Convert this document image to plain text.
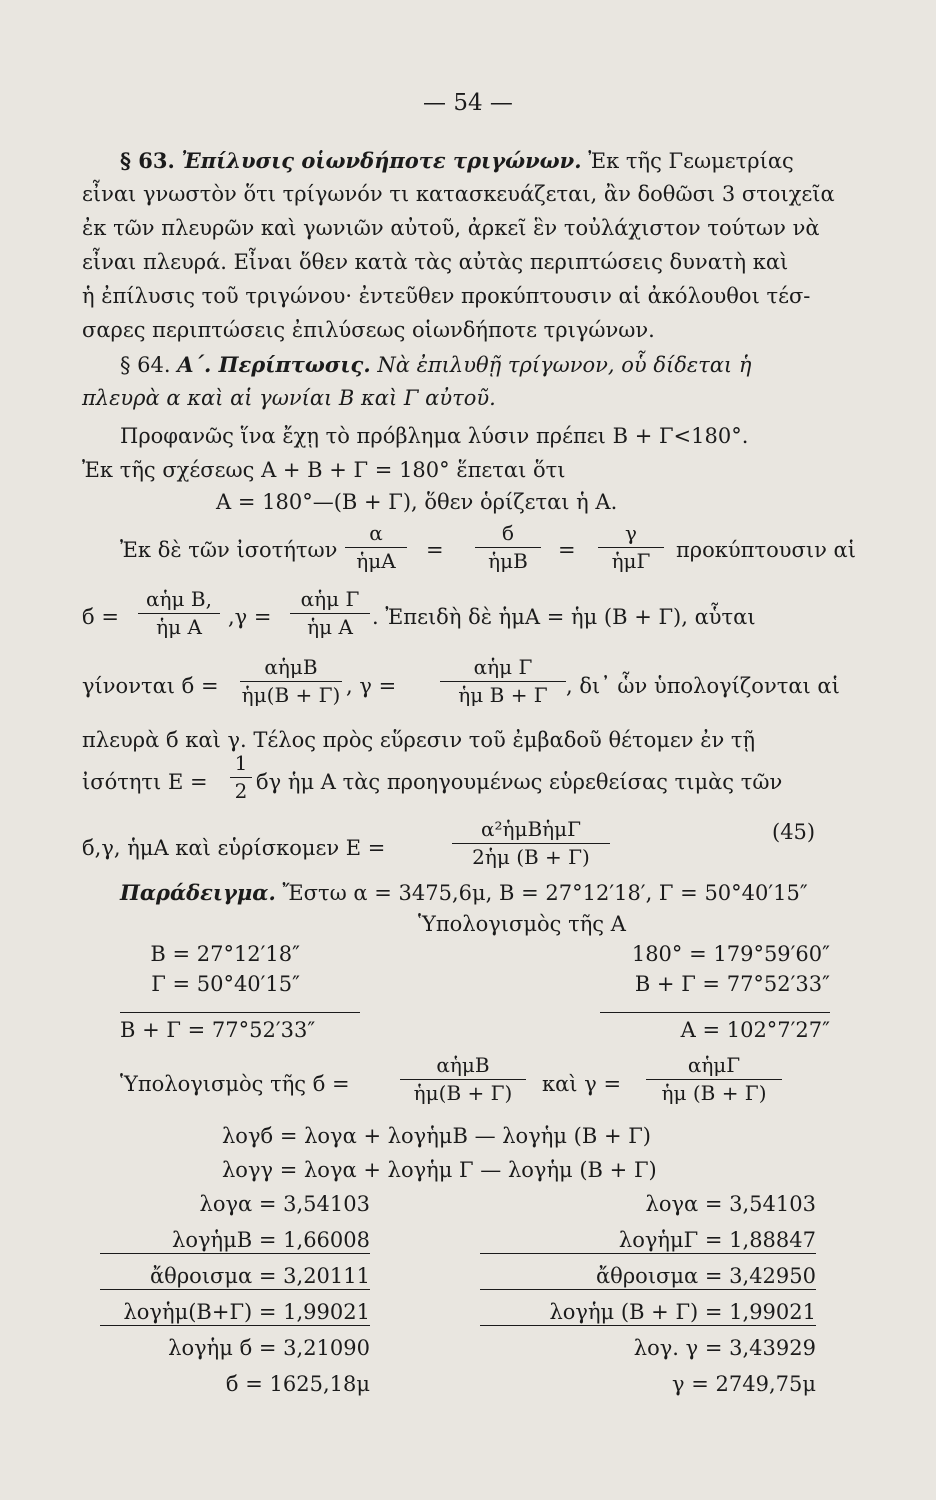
— 54 —
§ 63. Ἐπίλυσις οἱωνδήποτε τριγώνων. Ἐκ τῆς Γεωμετρίας
εἶναι γνωστὸν ὅτι τρίγωνόν τι κατασκευάζεται, ἂν δοθῶσι 3 στοιχεῖα
ἐκ τῶν πλευρῶν καὶ γωνιῶν αὐτοῦ, ἀρκεῖ ἓν τοὐλάχιστον τούτων νὰ
εἶναι πλευρά. Εἶναι ὅθεν κατὰ τὰς αὐτὰς περιπτώσεις δυνατὴ καὶ
ἡ ἐπίλυσις τοῦ τριγώνου· ἐντεῦθεν προκύπτουσιν αἱ ἀκόλουθοι τέσ-
σαρες περιπτώσεις ἐπιλύσεως οἱωνδήποτε τριγώνων.
§ 64. Α΄. Περίπτωσις. Νὰ ἐπιλυθῇ τρίγωνον, οὗ δίδεται ἡ
πλευρὰ α καὶ αἱ γωνίαι Β καὶ Γ αὐτοῦ.
Προφανῶς ἵνα ἔχῃ τὸ πρόβλημα λύσιν πρέπει Β + Γ<180°.
Ἐκ τῆς σχέσεως Α + Β + Γ = 180° ἕπεται ὅτι
Α = 180°—(Β + Γ), ὅθεν ὁρίζεται ἡ Α.
Ἐκ δὲ τῶν ἰσοτήτων
α
ἡμΑ =
б
ἡμΒ =
γ
ἡμΓ προκύπτουσιν αἱ
б =
αἡμ Β,
ἡμ Α ,γ =
αἡμ Γ
ἡμ Α . Ἐπειδὴ δὲ ἡμΑ = ἡμ (Β + Γ), αὗται
γίνονται б =
αἡμΒ
ἡμ(Β + Γ) , γ =
αἡμ Γ
ἡμ Β + Γ , δι᾽ ὧν ὑπολογίζονται αἱ
πλευρὰ б καὶ γ. Τέλος πρὸς εὕρεσιν τοῦ ἐμβαδοῦ θέτομεν ἐν τῇ
ἰσότητι Ε =
1
2 бγ ἡμ Α τὰς προηγουμένως εὑρεθείσας τιμὰς τῶν
б,γ, ἡμΑ καὶ εὑρίσκομεν Ε =
α²ἡμΒἡμΓ
2ἡμ (Β + Γ)
(45)
Παράδειγμα. Ἔστω α = 3475,6μ, Β = 27°12′18′, Γ = 50°40′15″
Ὑπολογισμὸς τῆς Α
Β = 27°12′18″
Γ = 50°40′15″
Β + Γ = 77°52′33″
180° = 179°59′60″
Β + Γ = 77°52′33″
Α = 102°7′27″
Ὑπολογισμὸς τῆς б =
αἡμΒ
ἡμ(Β + Γ) καὶ γ =
αἡμΓ
ἡμ (Β + Γ)
λογб = λογα + λογἡμΒ — λογἡμ (Β + Γ)
λογγ = λογα + λογἡμ Γ — λογἡμ (Β + Γ)
λογα = 3,54103
λογἡμΒ = 1,66008
ἄθροισμα = 3,20111
λογἡμ(Β+Γ) = 1,99021
λογἡμ б = 3,21090
б = 1625,18μ
λογα = 3,54103
λογἡμΓ = 1,88847
ἄθροισμα = 3,42950
λογἡμ (Β + Γ) = 1,99021
λογ. γ = 3,43929
γ = 2749,75μ
